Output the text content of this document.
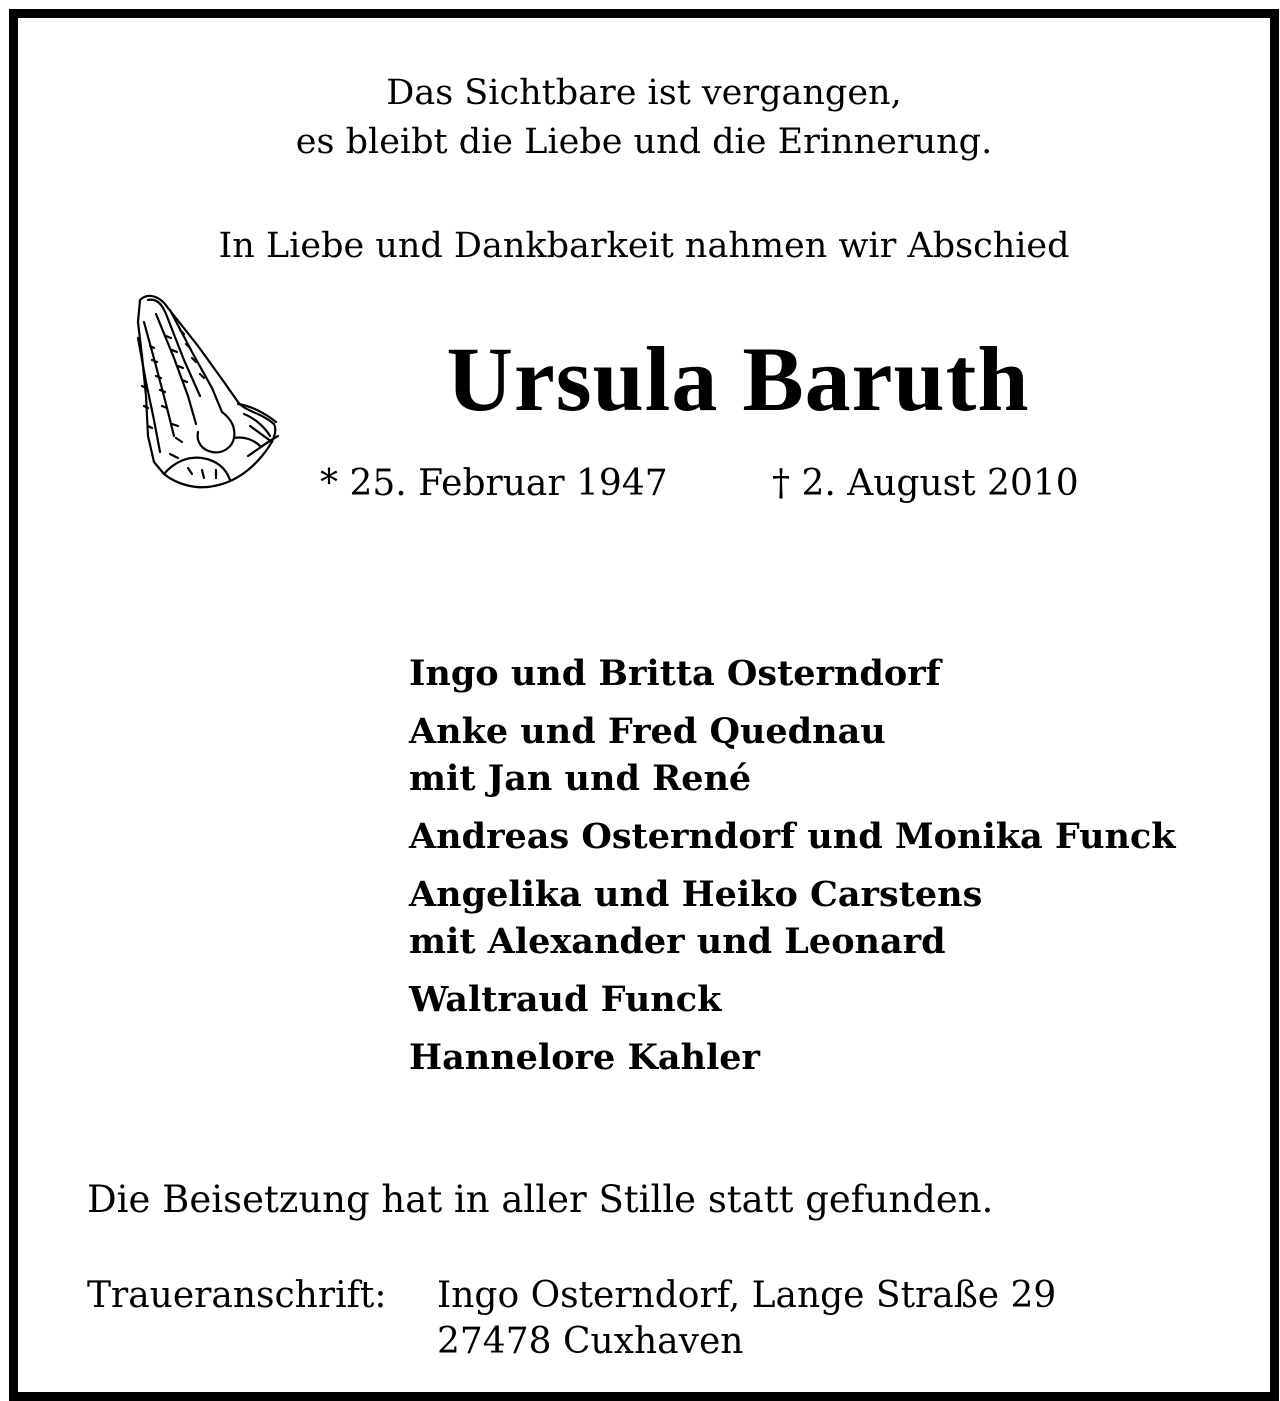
Das Sichtbare ist vergangen,
es bleibt die Liebe und die Erinnerung.
In Liebe und Dankbarkeit nahmen wir Abschied
Ursula Baruth
* 25. Februar 1947	† 2. August 2010
Ingo und Britta Osterndorf
Anke und Fred Quednau
mit Jan und René
Andreas Osterndorf und Monika Funck
Angelika und Heiko Carstens
mit Alexander und Leonard
Waltraud Funck
Hannelore Kahler
Die Beisetzung hat in aller Stille statt gefunden.
Traueranschrift: Ingo Osterndorf, Lange Straße 29
27478 Cuxhaven
